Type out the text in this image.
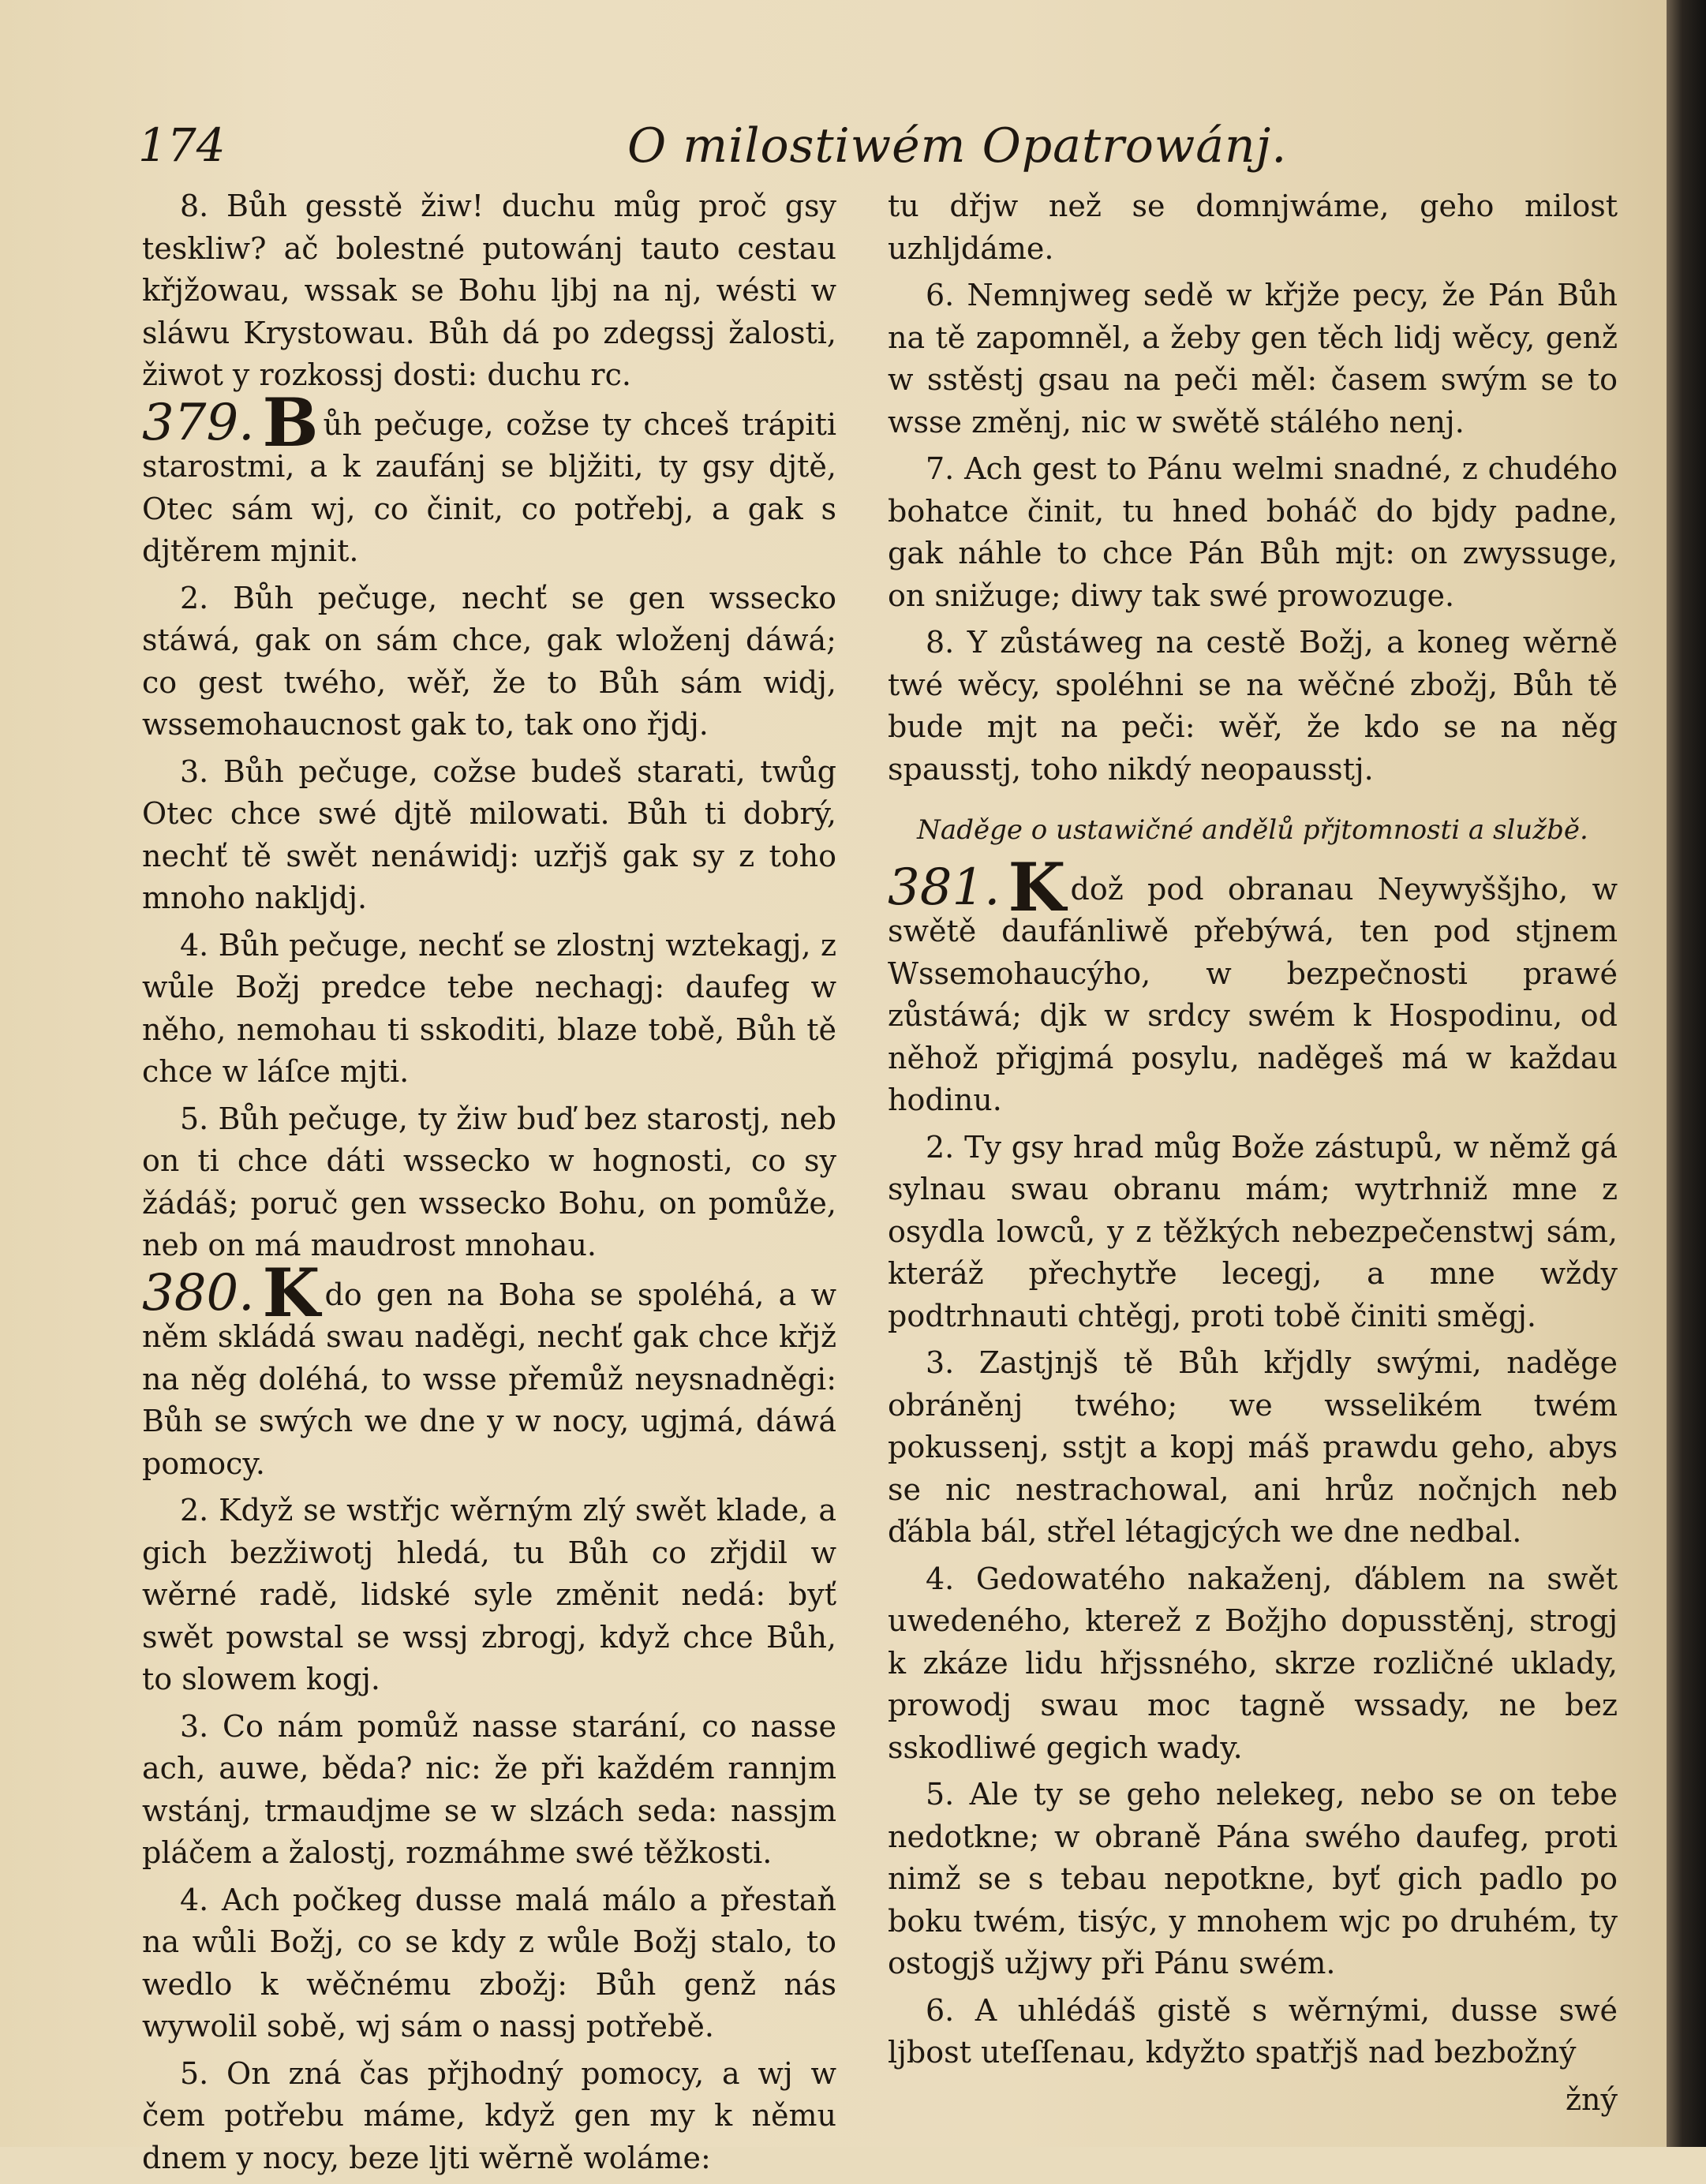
174	O milostiwém Opatrowánj.

8. Bůh gesstě žiw! duchu můg proč gsy teskliw? ač bolestné putowánj tauto cestau křjžowau, wssak se Bohu ljbj na nj, wésti w sláwu Krystowau. Bůh dá po zdegssj žalosti, žiwot y rozkossj dosti: duchu rc.

379. B ůh pečuge, cožse ty chceš trápiti starostmi, a k zaufánj se bljžiti, ty gsy djtě, Otec sám wj, co činit, co potřebj, a gak s djtěrem mjnit.

2. Bůh pečuge, nechť se gen wssecko stáwá, gak on sám chce, gak wloženj dáwá; co gest twého, wěř, že to Bůh sám widj, wssemohaucnost gak to, tak ono řjdj.

3. Bůh pečuge, cožse budeš starati, twůg Otec chce swé djtě milowati. Bůh ti dobrý, nechť tě swět nenáwidj: uzřjš gak sy z toho mnoho nakljdj.

4. Bůh pečuge, nechť se zlostnj wztekagj, z wůle Božj predce tebe nechagj: daufeg w něho, nemohau ti sskoditi, blaze tobě, Bůh tě chce w láſce mjti.

5. Bůh pečuge, ty žiw buď bez starostj, neb on ti chce dáti wssecko w hognosti, co sy žádáš; poruč gen wssecko Bohu, on pomůže, neb on má maudrost mnohau.

380. K do gen na Boha se spoléhá, a w něm skládá swau naděgi, nechť gak chce křjž na něg doléhá, to wsse přemůž neysnadněgi: Bůh se swých we dne y w nocy, ugjmá, dáwá pomocy.

2. Když se wstřjc wěrným zlý swět klade, a gich bezžiwotj hledá, tu Bůh co zřjdil w wěrné radě, lidské syle změnit nedá: byť swět powstal se wssj zbrogj, když chce Bůh, to slowem kogj.

3. Co nám pomůž nasse starání, co nasse ach, auwe, běda? nic: že při každém rannjm wstánj, trmaudjme se w slzách seda: nassjm pláčem a žalostj, rozmáhme swé těžkosti.

4. Ach počkeg dusse malá málo a přestaň na wůli Božj, co se kdy z wůle Božj stalo, to wedlo k wěčnému zbožj: Bůh genž nás wywolil sobě, wj sám o nassj potřebě.

5. On zná čas přjhodný pomocy, a wj w čem potřebu máme, když gen my k němu dnem y nocy, beze ljti wěrně woláme:

tu dřjw než se domnjwáme, geho milost uzhljdáme.

6. Nemnjweg sedě w křjže pecy, že Pán Bůh na tě zapomněl, a žeby gen těch lidj wěcy, genž w sstěstj gsau na peči měl: časem swým se to wsse změnj, nic w swětě stálého nenj.

7. Ach gest to Pánu welmi snadné, z chudého bohatce činit, tu hned boháč do bjdy padne, gak náhle to chce Pán Bůh mjt: on zwyssuge, on snižuge; diwy tak swé prowozuge.

8. Y zůstáweg na cestě Božj, a koneg wěrně twé wěcy, spoléhni se na wěčné zbožj, Bůh tě bude mjt na peči: wěř, že kdo se na něg spausstj, toho nikdý neopausstj.

Naděge o ustawičné andělů přjtomnosti a službě.

381. K dož pod obranau Neywyššjho, w swětě daufánliwě přebýwá, ten pod stjnem Wssemohaucýho, w bezpečnosti prawé zůstáwá; djk w srdcy swém k Hospodinu, od něhož přigjmá posylu, naděgeš má w každau hodinu.

2. Ty gsy hrad můg Bože zástupů, w němž gá sylnau swau obranu mám; wytrhniž mne z osydla lowců, y z těžkých nebezpečenstwj sám, kteráž přechytře lecegj, a mne wždy podtrhnauti chtěgj, proti tobě činiti směgj.

3. Zastjnjš tě Bůh křjdly swými, naděge obráněnj twého; we wsselikém twém pokussenj, sstjt a kopj máš prawdu geho, abys se nic nestrachowal, ani hrůz nočnjch neb ďábla bál, střel létagjcých we dne nedbal.

4. Gedowatého nakaženj, ďáblem na swět uwedeného, kterež z Božjho dopusstěnj, strogj k zkáze lidu hřjssného, skrze rozličné uklady, prowodj swau moc tagně wssady, ne bez sskodliwé gegich wady.

5. Ale ty se geho nelekeg, nebo se on tebe nedotkne; w obraně Pána swého daufeg, proti nimž se s tebau nepotkne, byť gich padlo po boku twém, tisýc, y mnohem wjc po druhém, ty ostogjš užjwy při Pánu swém.

6. A uhlédáš gistě s wěrnými, dusse swé ljbost uteſſenau, kdyžto spatřjš nad bezbožný

žný
